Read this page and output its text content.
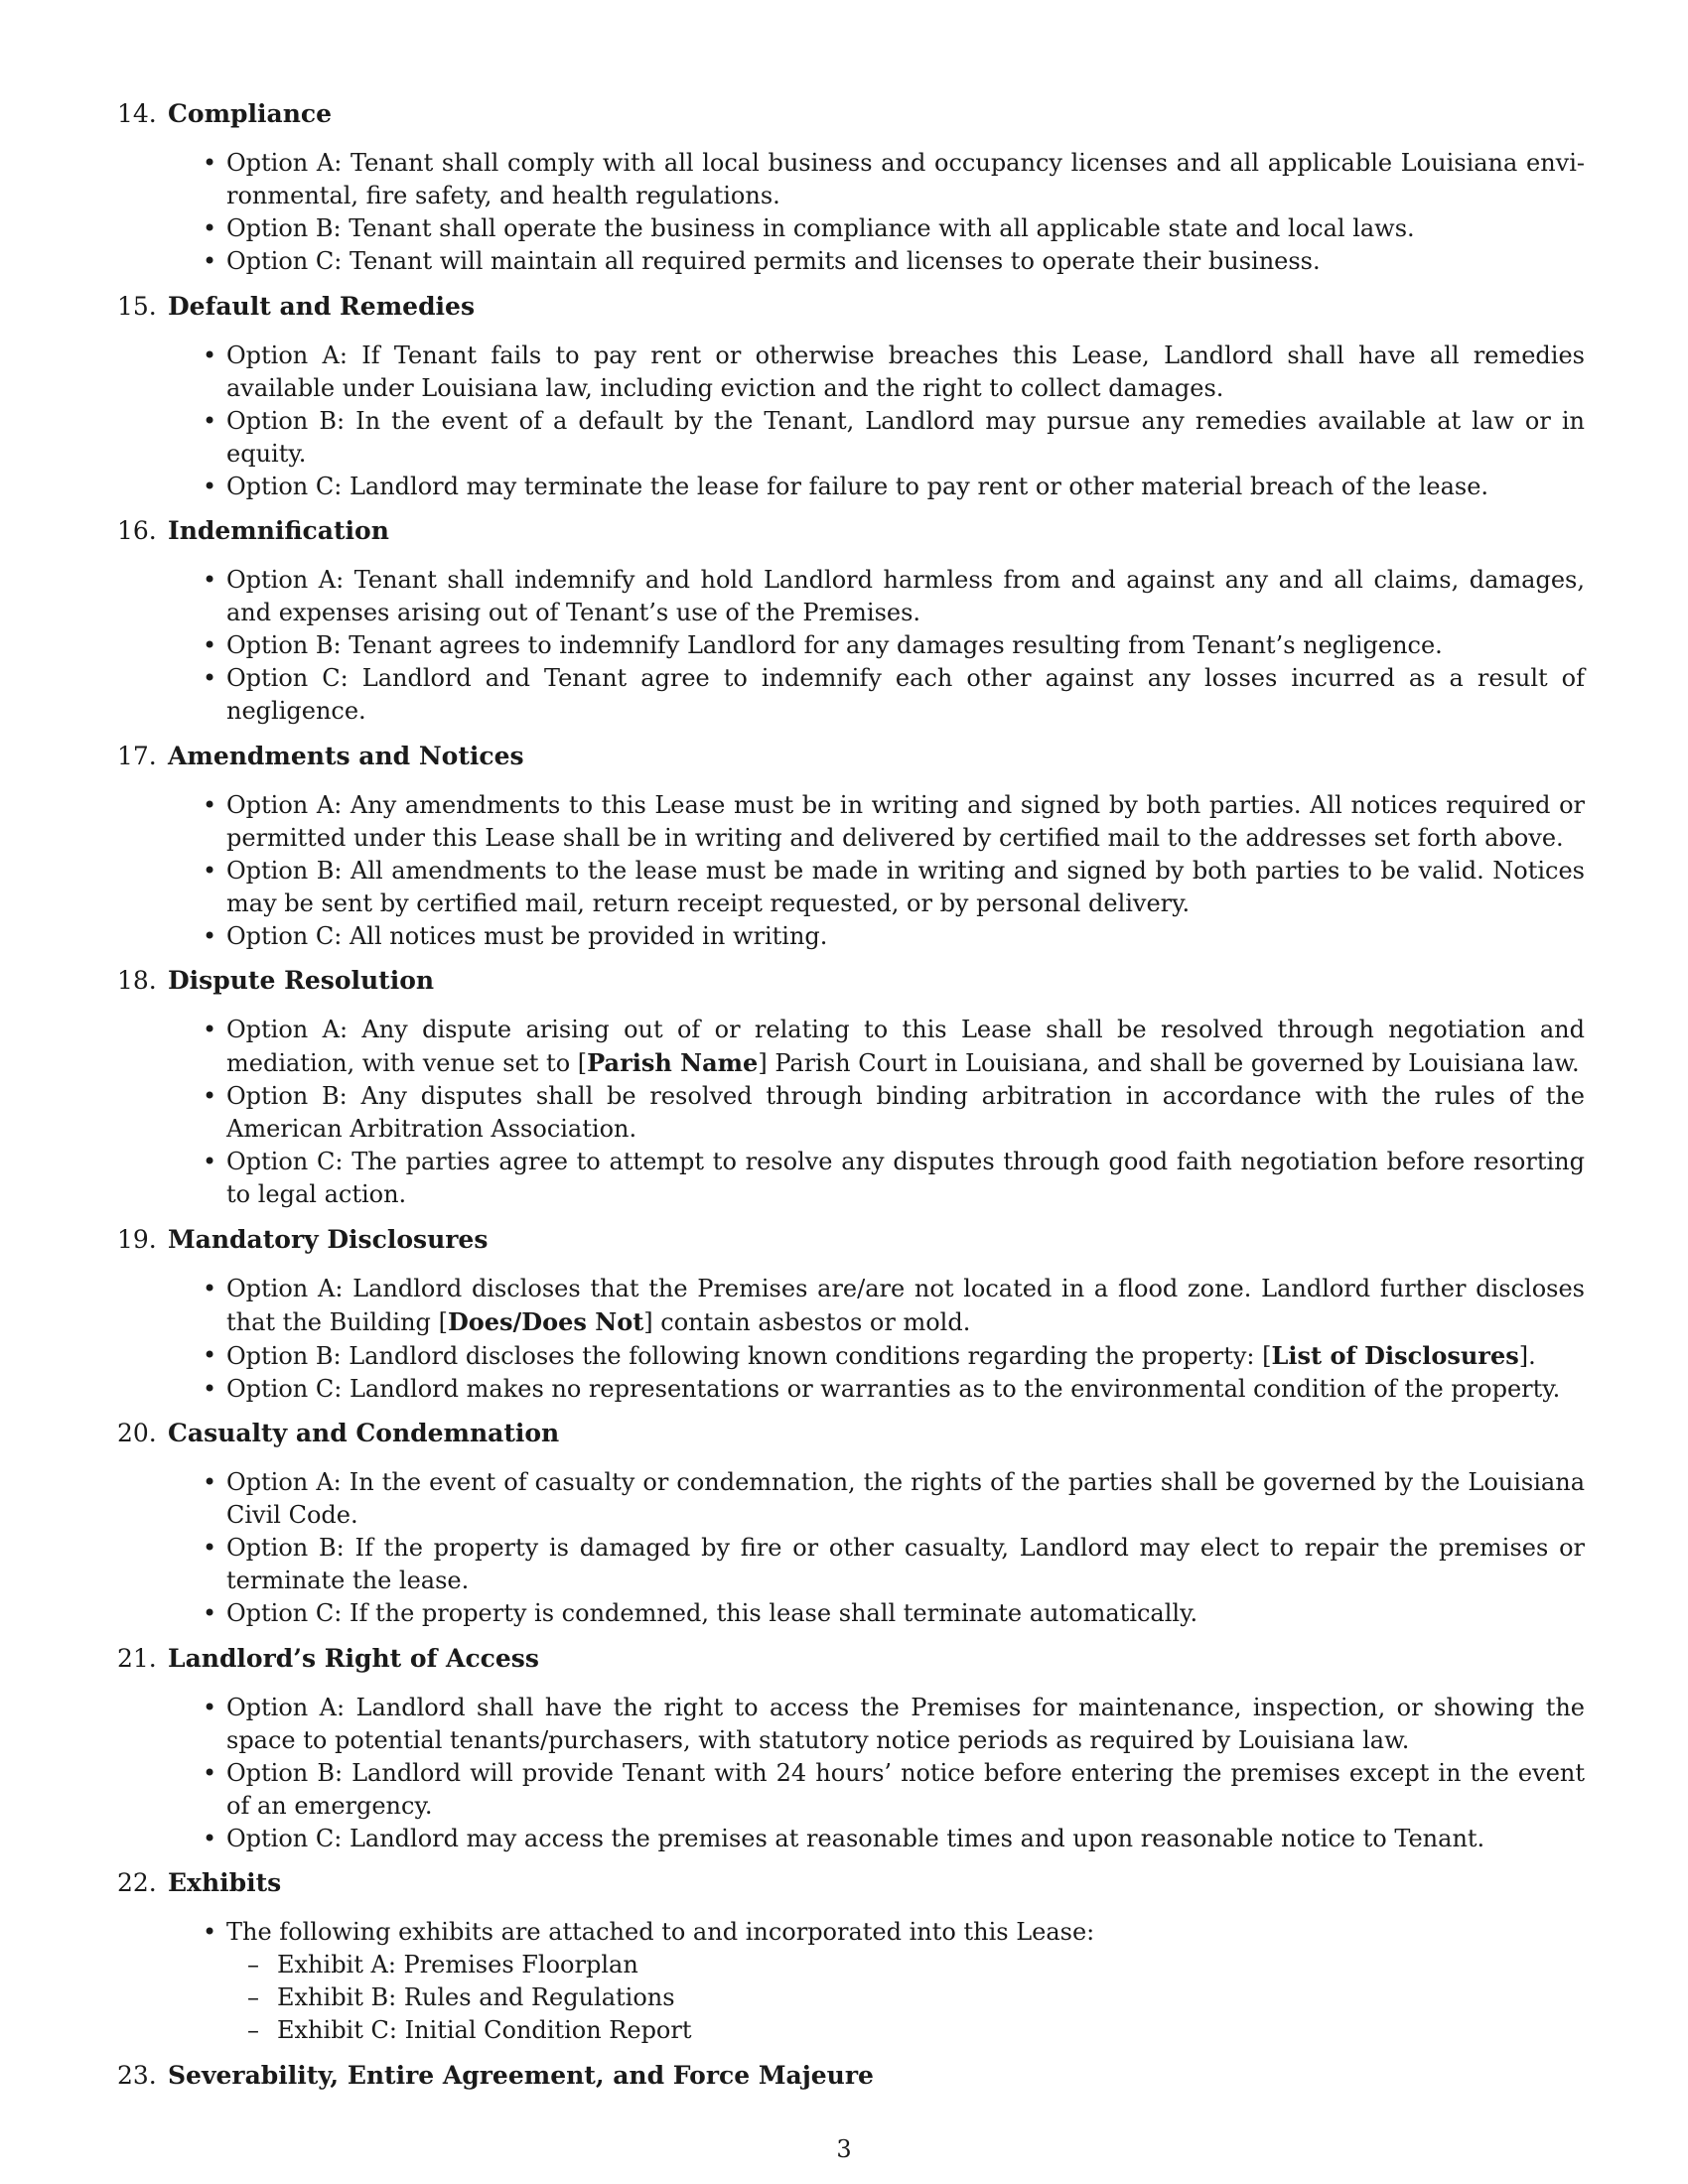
14. Compliance
• Option A: Tenant shall comply with all local business and occupancy licenses and all applicable Louisiana environmental, fire safety, and health regulations.
• Option B: Tenant shall operate the business in compliance with all applicable state and local laws.
• Option C: Tenant will maintain all required permits and licenses to operate their business.
15. Default and Remedies
• Option A: If Tenant fails to pay rent or otherwise breaches this Lease, Landlord shall have all remedies available under Louisiana law, including eviction and the right to collect damages.
• Option B: In the event of a default by the Tenant, Landlord may pursue any remedies available at law or in equity.
• Option C: Landlord may terminate the lease for failure to pay rent or other material breach of the lease.
16. Indemnification
• Option A: Tenant shall indemnify and hold Landlord harmless from and against any and all claims, damages, and expenses arising out of Tenant’s use of the Premises.
• Option B: Tenant agrees to indemnify Landlord for any damages resulting from Tenant’s negligence.
• Option C: Landlord and Tenant agree to indemnify each other against any losses incurred as a result of negligence.
17. Amendments and Notices
• Option A: Any amendments to this Lease must be in writing and signed by both parties. All notices required or permitted under this Lease shall be in writing and delivered by certified mail to the addresses set forth above.
• Option B: All amendments to the lease must be made in writing and signed by both parties to be valid. Notices may be sent by certified mail, return receipt requested, or by personal delivery.
• Option C: All notices must be provided in writing.
18. Dispute Resolution
• Option A: Any dispute arising out of or relating to this Lease shall be resolved through negotiation and mediation, with venue set to [Parish Name] Parish Court in Louisiana, and shall be governed by Louisiana law.
• Option B: Any disputes shall be resolved through binding arbitration in accordance with the rules of the American Arbitration Association.
• Option C: The parties agree to attempt to resolve any disputes through good faith negotiation before resorting to legal action.
19. Mandatory Disclosures
• Option A: Landlord discloses that the Premises are/are not located in a flood zone. Landlord further discloses that the Building [Does/Does Not] contain asbestos or mold.
• Option B: Landlord discloses the following known conditions regarding the property: [List of Disclosures].
• Option C: Landlord makes no representations or warranties as to the environmental condition of the property.
20. Casualty and Condemnation
• Option A: In the event of casualty or condemnation, the rights of the parties shall be governed by the Louisiana Civil Code.
• Option B: If the property is damaged by fire or other casualty, Landlord may elect to repair the premises or terminate the lease.
• Option C: If the property is condemned, this lease shall terminate automatically.
21. Landlord’s Right of Access
• Option A: Landlord shall have the right to access the Premises for maintenance, inspection, or showing the space to potential tenants/purchasers, with statutory notice periods as required by Louisiana law.
• Option B: Landlord will provide Tenant with 24 hours’ notice before entering the premises except in the event of an emergency.
• Option C: Landlord may access the premises at reasonable times and upon reasonable notice to Tenant.
22. Exhibits
• The following exhibits are attached to and incorporated into this Lease:
– Exhibit A: Premises Floorplan
– Exhibit B: Rules and Regulations
– Exhibit C: Initial Condition Report
23. Severability, Entire Agreement, and Force Majeure
3
